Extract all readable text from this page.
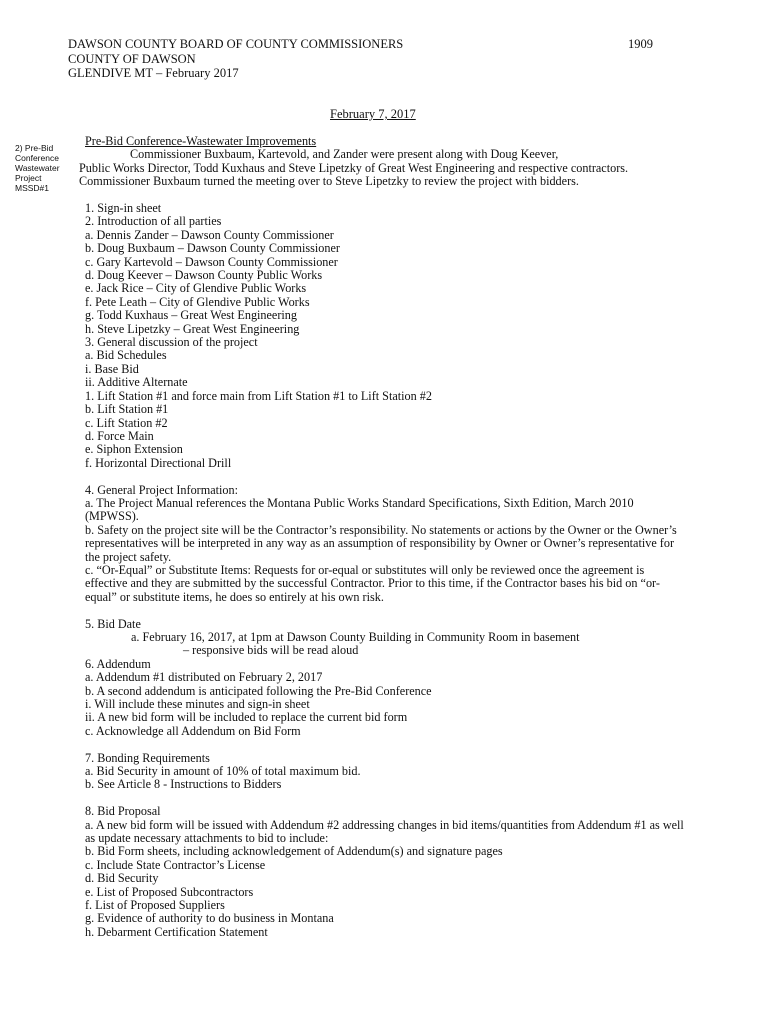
DAWSON COUNTY BOARD OF COUNTY COMMISSIONERS
COUNTY OF DAWSON
GLENDIVE MT – February 2017
1909
February 7, 2017
2) Pre-Bid
Conference
Wastewater
Project
MSSD#1

Pre-Bid Conference-Wastewater Improvements

Commissioner Buxbaum, Kartevold, and Zander were present along with Doug Keever,

Public Works Director, Todd Kuxhaus and Steve Lipetzky of Great West Engineering and respective contractors. Commissioner Buxbaum turned the meeting over to Steve Lipetzky to review the project with bidders.

1. Sign-in sheet
2. Introduction of all parties
a. Dennis Zander – Dawson County Commissioner
b. Doug Buxbaum – Dawson County Commissioner
c. Gary Kartevold – Dawson County Commissioner
d. Doug Keever – Dawson County Public Works
e. Jack Rice – City of Glendive Public Works
f. Pete Leath – City of Glendive Public Works
g. Todd Kuxhaus – Great West Engineering
h. Steve Lipetzky – Great West Engineering
3. General discussion of the project
a. Bid Schedules
i. Base Bid
ii. Additive Alternate
1. Lift Station #1 and force main from Lift Station #1 to Lift Station #2
b. Lift Station #1
c. Lift Station #2
d. Force Main
e. Siphon Extension
f. Horizontal Directional Drill

4. General Project Information:

a. The Project Manual references the Montana Public Works Standard Specifications, Sixth Edition, March 2010 (MPWSS).

b. Safety on the project site will be the Contractor’s responsibility. No statements or actions by the Owner or the Owner’s representatives will be interpreted in any way as an assumption of responsibility by Owner or Owner’s representative for the project safety.

c. “Or-Equal” or Substitute Items: Requests for or-equal or substitutes will only be reviewed once the agreement is effective and they are submitted by the successful Contractor. Prior to this time, if the Contractor bases his bid on “or-equal” or substitute items, he does so entirely at his own risk.

5. Bid Date

a. February 16, 2017, at 1pm at Dawson County Building in Community Room in basement

– responsive bids will be read aloud

6. Addendum
a. Addendum #1 distributed on February 2, 2017
b. A second addendum is anticipated following the Pre-Bid Conference
i. Will include these minutes and sign-in sheet
ii. A new bid form will be included to replace the current bid form
c. Acknowledge all Addendum on Bid Form
7. Bonding Requirements
a. Bid Security in amount of 10% of total maximum bid.
b. See Article 8 - Instructions to Bidders

8. Bid Proposal

a. A new bid form will be issued with Addendum #2 addressing changes in bid items/quantities from Addendum #1 as well as update necessary attachments to bid to include:

b. Bid Form sheets, including acknowledgement of Addendum(s) and signature pages
c. Include State Contractor’s License
d. Bid Security
e. List of Proposed Subcontractors
f. List of Proposed Suppliers
g. Evidence of authority to do business in Montana
h. Debarment Certification Statement
